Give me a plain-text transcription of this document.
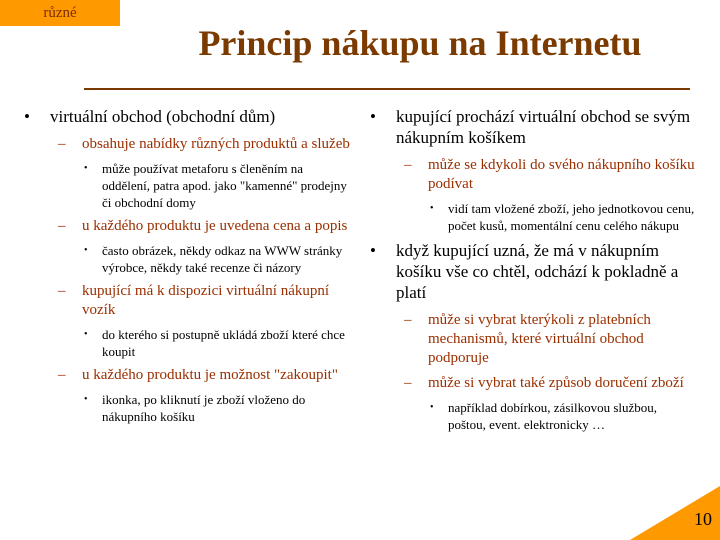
různé
Princip nákupu na Internetu
• virtuální obchod (obchodní dům)
– obsahuje nabídky různých produktů a služeb
• může používat metaforu s členěním na oddělení, patra apod. jako "kamenné" prodejny či obchodní domy
– u každého produktu je uvedena cena a popis
• často obrázek, někdy odkaz na WWW stránky výrobce, někdy také recenze či názory
– kupující má k dispozici virtuální nákupní vozík
• do kterého si postupně ukládá zboží které chce koupit
– u každého produktu je možnost "zakoupit"
• ikonka, po kliknutí je zboží vloženo do nákupního košíku
• kupující prochází virtuální obchod se svým nákupním košíkem
– může se kdykoli do svého nákupního košíku podívat
• vidí tam vložené zboží, jeho jednotkovou cenu, počet kusů, momentální cenu celého nákupu
• když kupující uzná, že má v nákupním košíku vše co chtěl, odchází k pokladně a platí
– může si vybrat kterýkoli z platebních mechanismů, které virtuální obchod podporuje
– může si vybrat také způsob doručení zboží
• například dobírkou, zásilkovou službou, poštou, event. elektronicky …
10
